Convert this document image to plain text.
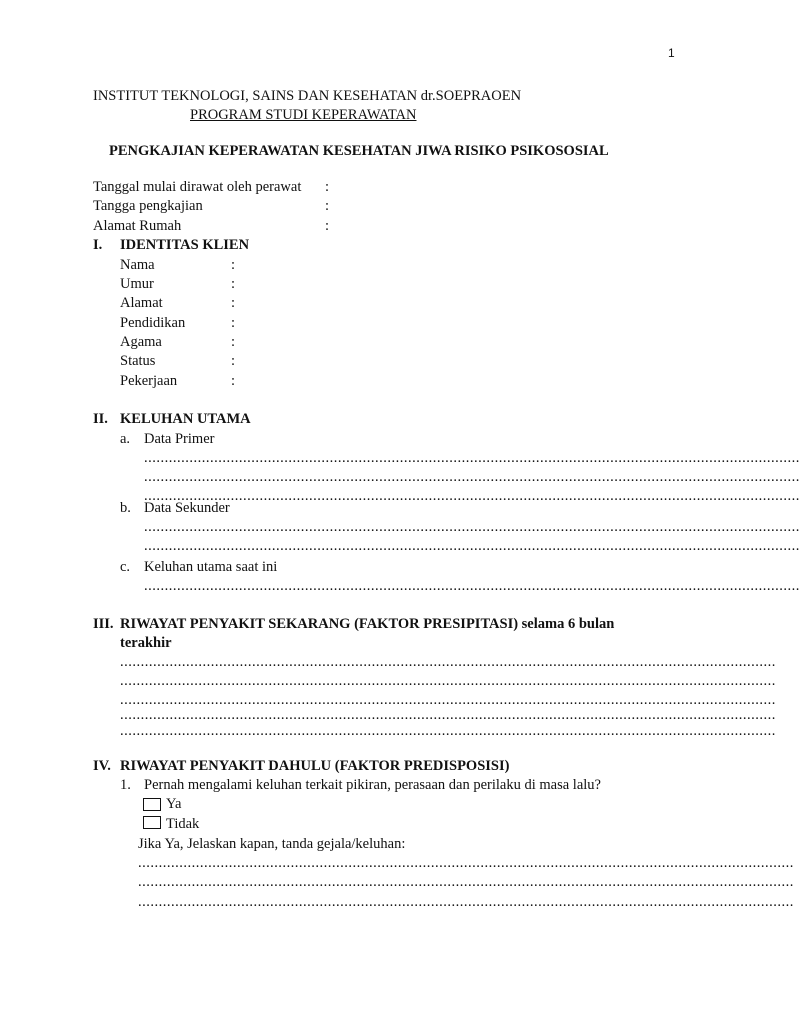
1
INSTITUT TEKNOLOGI, SAINS DAN KESEHATAN dr.SOEPRAOEN
PROGRAM STUDI KEPERAWATAN
PENGKAJIAN KEPERAWATAN KESEHATAN JIWA RISIKO PSIKOSOSIAL
Tanggal mulai dirawat oleh perawat :
Tangga pengkajian	:
Alamat Rumah	:
I. IDENTITAS KLIEN
Nama	:
Umur	:
Alamat	:
Pendidikan	:
Agama	:
Status	:
Pekerjaan	:
II. KELUHAN UTAMA
a. Data Primer
...............................................................................................................................................................
...............................................................................................................................................................
...............................................................................................................................................................
b. Data Sekunder
...............................................................................................................................................................
...............................................................................................................................................................
c. Keluhan utama saat ini
...............................................................................................................................................................
III. RIWAYAT PENYAKIT SEKARANG (FAKTOR PRESIPITASI) selama 6 bulan
terakhir
...............................................................................................................................................................
...............................................................................................................................................................
...............................................................................................................................................................
...............................................................................................................................................................
...............................................................................................................................................................
IV. RIWAYAT PENYAKIT DAHULU (FAKTOR PREDISPOSISI)
1. Pernah mengalami keluhan terkait pikiran, perasaan dan perilaku di masa lalu?
Ya
Tidak
Jika Ya, Jelaskan kapan, tanda gejala/keluhan:
...............................................................................................................................................................
...............................................................................................................................................................
...............................................................................................................................................................
